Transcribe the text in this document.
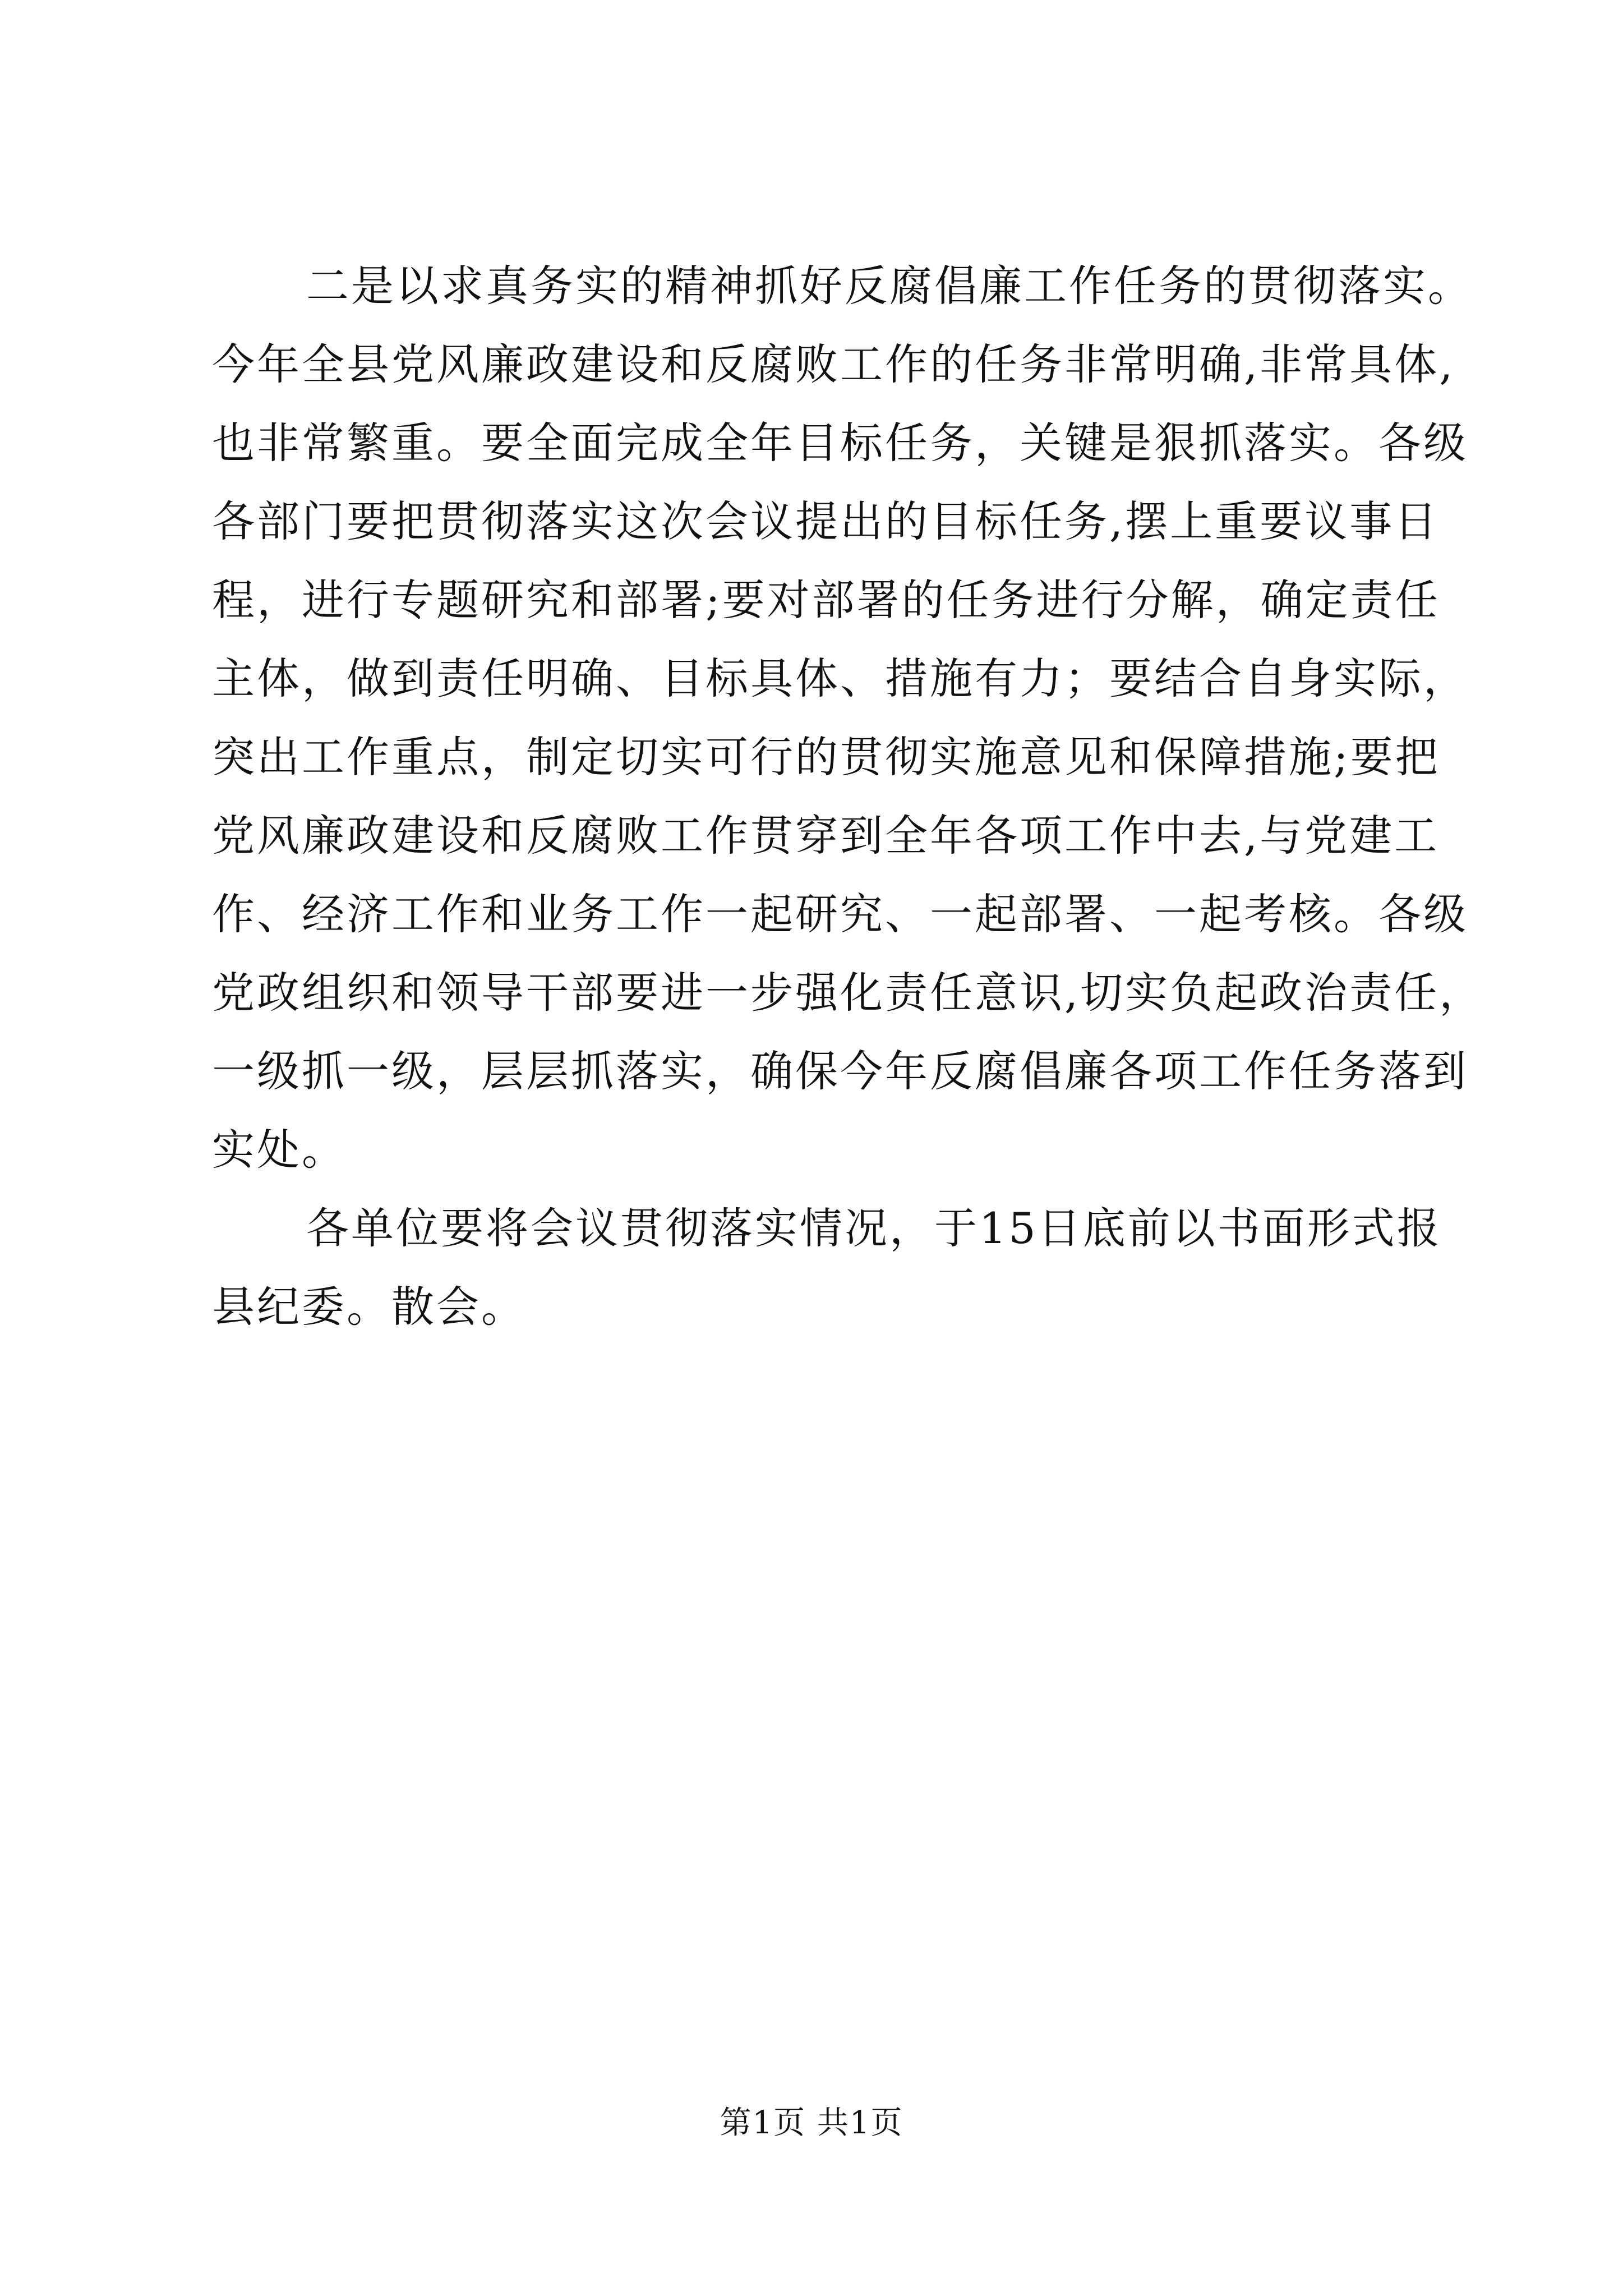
二是以求真务实的精神抓好反腐倡廉工作任务的贯彻落实。
今年全县党风廉政建设和反腐败工作的任务非常明确,非常具体,
也非常繁重。要全面完成全年目标任务，关键是狠抓落实。各级
各部门要把贯彻落实这次会议提出的目标任务,摆上重要议事日
程，进行专题研究和部署;要对部署的任务进行分解，确定责任
主体，做到责任明确、目标具体、措施有力；要结合自身实际，
突出工作重点，制定切实可行的贯彻实施意见和保障措施;要把
党风廉政建设和反腐败工作贯穿到全年各项工作中去,与党建工
作、经济工作和业务工作一起研究、一起部署、一起考核。各级
党政组织和领导干部要进一步强化责任意识,切实负起政治责任，
一级抓一级，层层抓落实，确保今年反腐倡廉各项工作任务落到
实处。
各单位要将会议贯彻落实情况，于15日底前以书面形式报
县纪委。散会。
第1页 共1页
